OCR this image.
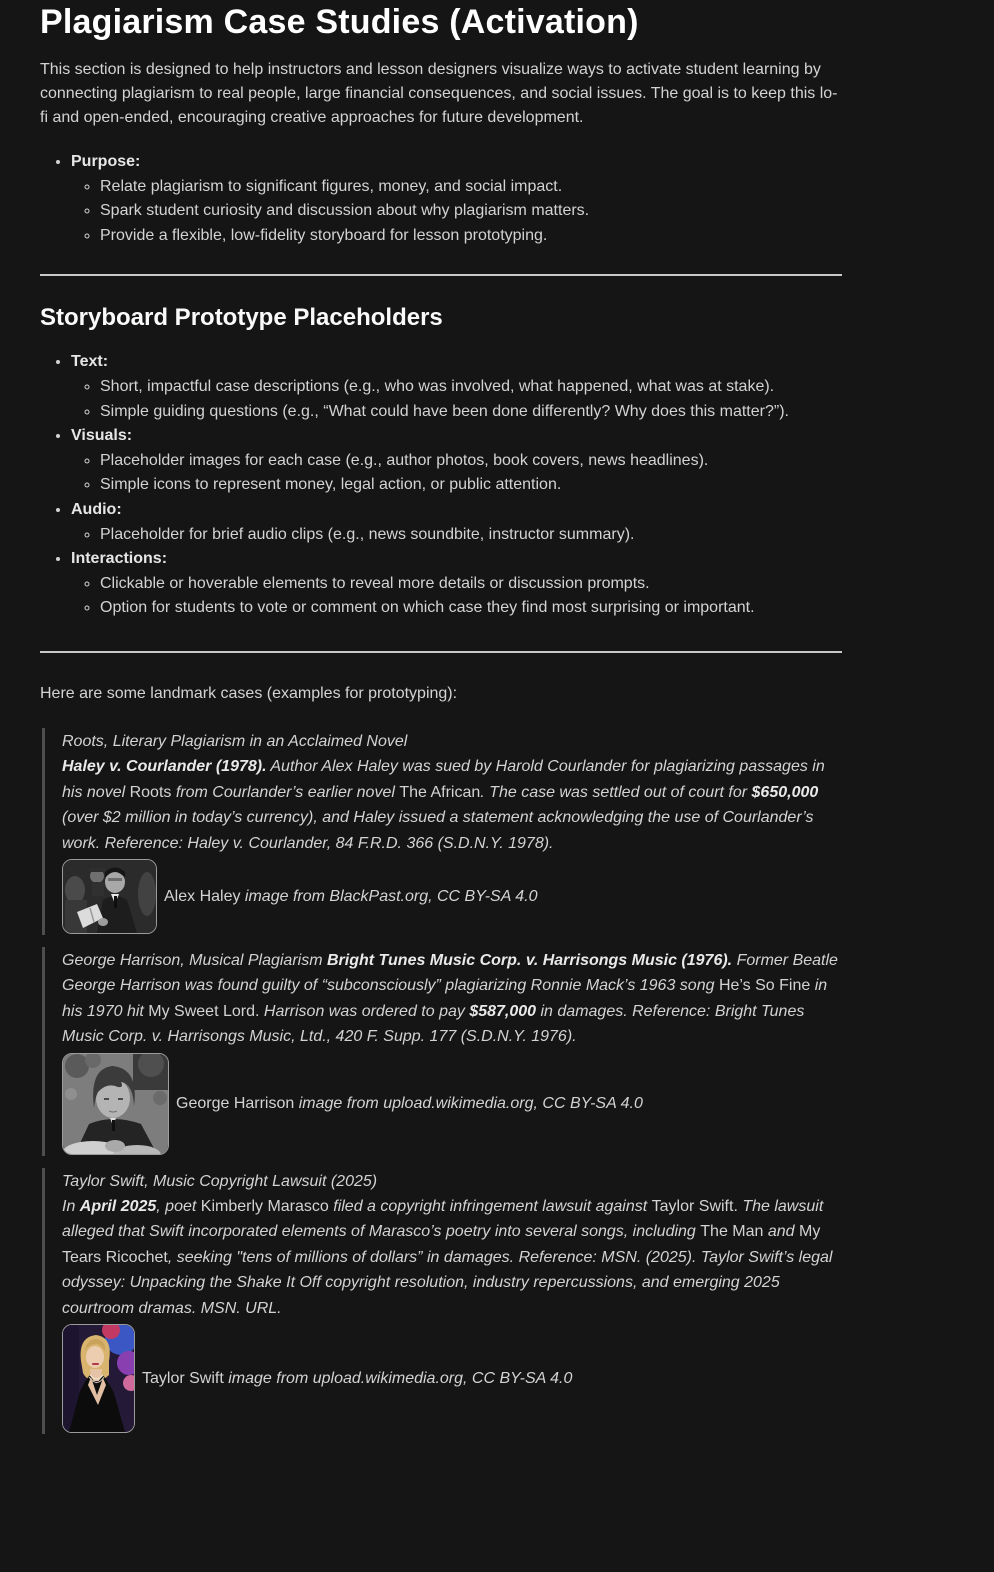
Plagiarism Case Studies (Activation)

This section is designed to help instructors and lesson designers visualize ways to activate student learning by connecting plagiarism to real people, large financial consequences, and social issues. The goal is to keep this lo-fi and open-ended, encouraging creative approaches for future development.

• Purpose:
◦ Relate plagiarism to significant figures, money, and social impact.
◦ Spark student curiosity and discussion about why plagiarism matters.
◦ Provide a flexible, low-fidelity storyboard for lesson prototyping.
Storyboard Prototype Placeholders
• Text:
◦ Short, impactful case descriptions (e.g., who was involved, what happened, what was at stake).
◦ Simple guiding questions (e.g., “What could have been done differently? Why does this matter?”).
• Visuals:
◦ Placeholder images for each case (e.g., author photos, book covers, news headlines).
◦ Simple icons to represent money, legal action, or public attention.
• Audio:
◦ Placeholder for brief audio clips (e.g., news soundbite, instructor summary).
• Interactions:
◦ Clickable or hoverable elements to reveal more details or discussion prompts.
◦ Option for students to vote or comment on which case they find most surprising or important.

Here are some landmark cases (examples for prototyping):

Roots, Literary Plagiarism in an Acclaimed Novel

Haley v. Courlander (1978). Author Alex Haley was sued by Harold Courlander for plagiarizing passages in his novel Roots from Courlander’s earlier novel The African. The case was settled out of court for $650,000 (over $2 million in today’s currency), and Haley issued a statement acknowledging the use of Courlander’s work. Reference: Haley v. Courlander, 84 F.R.D. 366 (S.D.N.Y. 1978).

Alex Haley image from BlackPast.org, CC BY-SA 4.0

George Harrison, Musical Plagiarism Bright Tunes Music Corp. v. Harrisongs Music (1976). Former Beatle George Harrison was found guilty of “subconsciously” plagiarizing Ronnie Mack’s 1963 song He’s So Fine in his 1970 hit My Sweet Lord. Harrison was ordered to pay $587,000 in damages. Reference: Bright Tunes Music Corp. v. Harrisongs Music, Ltd., 420 F. Supp. 177 (S.D.N.Y. 1976).

George Harrison image from upload.wikimedia.org, CC BY-SA 4.0

Taylor Swift, Music Copyright Lawsuit (2025)

In April 2025, poet Kimberly Marasco filed a copyright infringement lawsuit against Taylor Swift. The lawsuit alleged that Swift incorporated elements of Marasco’s poetry into several songs, including The Man and My Tears Ricochet, seeking "tens of millions of dollars” in damages. Reference: MSN. (2025). Taylor Swift’s legal odyssey: Unpacking the Shake It Off copyright resolution, industry repercussions, and emerging 2025 courtroom dramas. MSN. URL.

Taylor Swift image from upload.wikimedia.org, CC BY-SA 4.0
